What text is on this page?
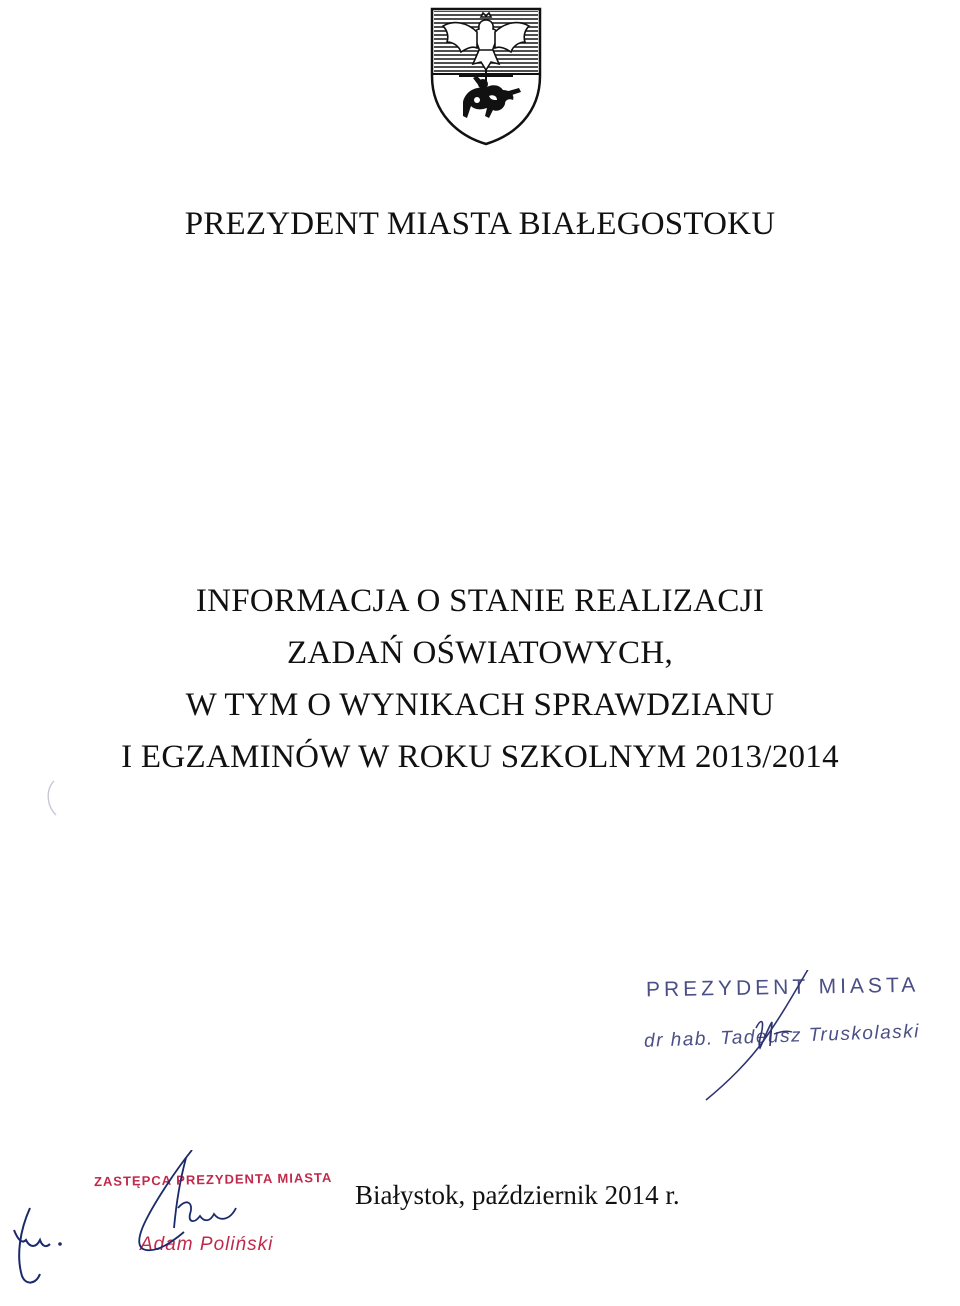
PREZYDENT MIASTA BIAŁEGOSTOKU
INFORMACJA O STANIE REALIZACJI
ZADAŃ OŚWIATOWYCH,
W TYM O WYNIKACH SPRAWDZIANU
I EGZAMINÓW W ROKU SZKOLNYM 2013/2014
PREZYDENT MIASTA
dr hab. Tadeusz Truskolaski
ZASTĘPCA PREZYDENTA MIASTA
Adam Poliński
Białystok, październik 2014 r.
